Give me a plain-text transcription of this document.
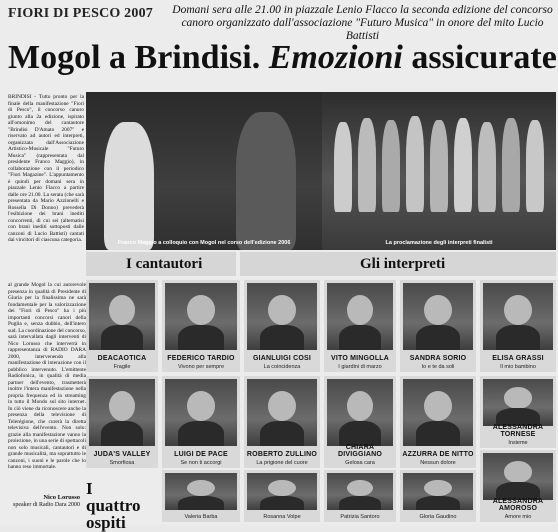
FIORI DI PESCO 2007 Domani sera alle 21.00 in piazzale Lenio Flacco la seconda edizione del concorso canoro organizzato dall'associazione "Futuro Musica" in onore del mito Lucio Battisti
Mogol a Brindisi. Emozioni assicurate
BRINDISI - Tutto pronto per la finale della manifestazione "Fiori di Pesco", il concorso canoro giunto alla 2a edizione, ispirato all'omonimo del cantautore "Brindisi D'Amato 2007" e riservato ad autori ed interpreti, organizzata dall'Associazione Artistico-Musicale "Futuro Musica" (rappresentata dal presidente Franco Maggio), in collaborazione con il periodico "Fiori Magazine". L'appuntamento è quindi per domani sera in piazzale Lenio Flacco a partire dalle ore 21.00. La serata (che sarà presentata da Mario Azzinnelli e Rossella Di Donno) prevederà l'esibizione dei brani inediti concorrenti, di cui sei (alternatisi con brani inediti sottoposti dalle canzoni di Lucio Battisti) cantati dai vincitori di ciascuna categoria.	Franco Maggio a colloquio con Mogol nel corso dell'edizione 2006	La proclamazione degli interpreti finalisti
al grande Mogol la cui autorevole presenza in qualità di Presidente di Giuria per la finalissima ne sarà fondamentale per la valorizzazione dei "Fiori di Pesco" ha i più importanti concorsi canori della Puglia e, senza dubbio, dell'intero sud. La coordinazione del concorso, sarà intervallata dagli interventi di Nico Lorusso che interverrà in rappresentanza di RADIO DARA 2000, intervenendo alla manifestazione di interazione con il pubblico intervenuto. L'emittente Radiofonica, in qualità di media partner dell'evento, trasmetterà inoltre l'intera manifestazione nella propria frequenza ed in streaming in tutto il Mondo sul sito internet. In ciò viene da riconoscere anche la presenza della televisione di Telerégione, che curerà la diretta televisiva dell'evento. Non solo: grazie alla manifestazione vanno la proiezione, in una serie di spettacoli non solo musicali, cantautori e di grande musicalità, ma soprattutto le canzoni, i suoni e le parole che lo hanno reso immortale.
I cantautori	Gli interpreti
DEACAOTICA
Fragile
FEDERICO TARDIO
Vivono per sempre
GIANLUIGI COSI
La coincidenza
VITO MINGOLLA
I giardini di marzo
SANDRA SORIO
Io e te da soli
ELISA GRASSI
Il mio bambino
JUDA'S VALLEY
Smorfiosa
LUIGI DE PACE
Se non ti accorgi
ROBERTO ZULLINO
La prigione del cuore
CHIARA DIVIGGIANO
Gelosa cara
AZZURRA DE NITTO
Nessun dolore
ALESSANDRA TORNESE
Insieme
ALESSANDRA AMOROSO
Amore mio
I
quattro
ospiti	Valeria Barba	Rosanna Volpe	Patrizia Santoro	Gloria Gaudino
Nico Lorusso
speaker di Radio Dara 2000
